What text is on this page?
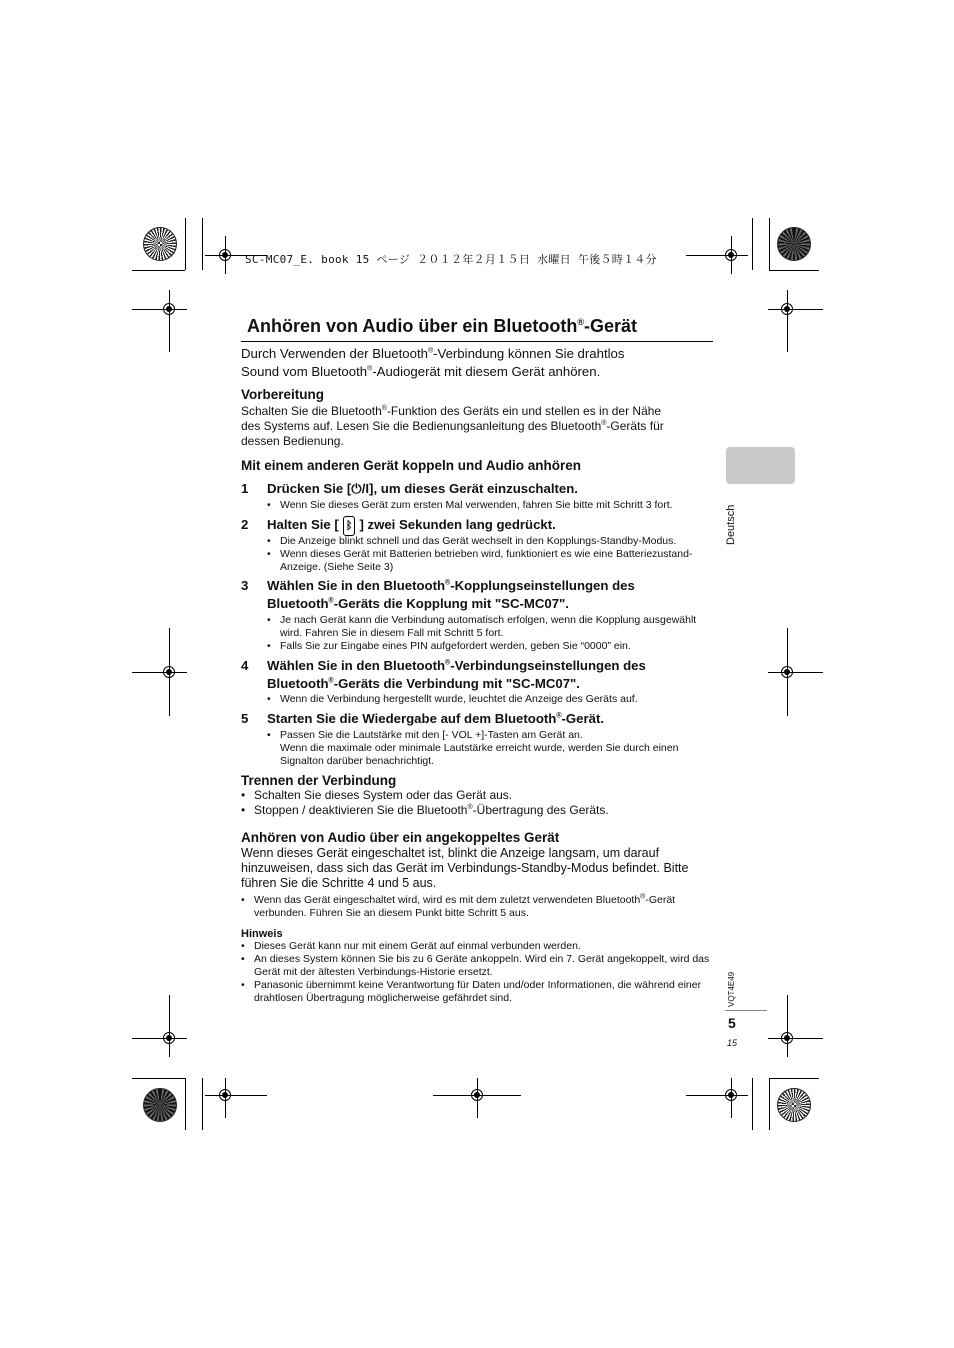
SC-MC07_E. book 15 ページ ２０１２年２月１５日 水曜日 午後５時１４分
Anhören von Audio über ein Bluetooth®-Gerät
Durch Verwenden der Bluetooth®-Verbindung können Sie drahtlos
Sound vom Bluetooth®-Audiogerät mit diesem Gerät anhören.
Vorbereitung
Schalten Sie die Bluetooth®-Funktion des Geräts ein und stellen es in der Nähe
des Systems auf. Lesen Sie die Bedienungsanleitung des Bluetooth®-Geräts für
dessen Bedienung.
Mit einem anderen Gerät koppeln und Audio anhören
1 Drücken Sie [⏻/I], um dieses Gerät einzuschalten.
• Wenn Sie dieses Gerät zum ersten Mal verwenden, fahren Sie bitte mit Schritt 3 fort.
2 Halten Sie [ ᛒ ] zwei Sekunden lang gedrückt.
• Die Anzeige blinkt schnell und das Gerät wechselt in den Kopplungs-Standby-Modus.
• Wenn dieses Gerät mit Batterien betrieben wird, funktioniert es wie eine Batteriezustand-Anzeige. (Siehe Seite 3)
3 Wählen Sie in den Bluetooth®-Kopplungseinstellungen des
Bluetooth®-Geräts die Kopplung mit "SC-MC07".
• Je nach Gerät kann die Verbindung automatisch erfolgen, wenn die Kopplung ausgewählt wird. Fahren Sie in diesem Fall mit Schritt 5 fort.
• Falls Sie zur Eingabe eines PIN aufgefordert werden, geben Sie “0000” ein.
4 Wählen Sie in den Bluetooth®-Verbindungseinstellungen des
Bluetooth®-Geräts die Verbindung mit "SC-MC07".
• Wenn die Verbindung hergestellt wurde, leuchtet die Anzeige des Geräts auf.
5 Starten Sie die Wiedergabe auf dem Bluetooth®-Gerät.
• Passen Sie die Lautstärke mit den [- VOL +]-Tasten am Gerät an.
Wenn die maximale oder minimale Lautstärke erreicht wurde, werden Sie durch einen Signalton darüber benachrichtigt.
Trennen der Verbindung
• Schalten Sie dieses System oder das Gerät aus.
• Stoppen / deaktivieren Sie die Bluetooth®-Übertragung des Geräts.
Anhören von Audio über ein angekoppeltes Gerät
Wenn dieses Gerät eingeschaltet ist, blinkt die Anzeige langsam, um darauf
hinzuweisen, dass sich das Gerät im Verbindungs-Standby-Modus befindet. Bitte
führen Sie die Schritte 4 und 5 aus.
• Wenn das Gerät eingeschaltet wird, wird es mit dem zuletzt verwendeten Bluetooth®-Gerät
verbunden. Führen Sie an diesem Punkt bitte Schritt 5 aus.
Hinweis
• Dieses Gerät kann nur mit einem Gerät auf einmal verbunden werden.
• An dieses System können Sie bis zu 6 Geräte ankoppeln. Wird ein 7. Gerät angekoppelt, wird das Gerät mit der ältesten Verbindungs-Historie ersetzt.
• Panasonic übernimmt keine Verantwortung für Daten und/oder Informationen, die während einer drahtlosen Übertragung möglicherweise gefährdet sind.
Deutsch
VQT4E49
5
15
